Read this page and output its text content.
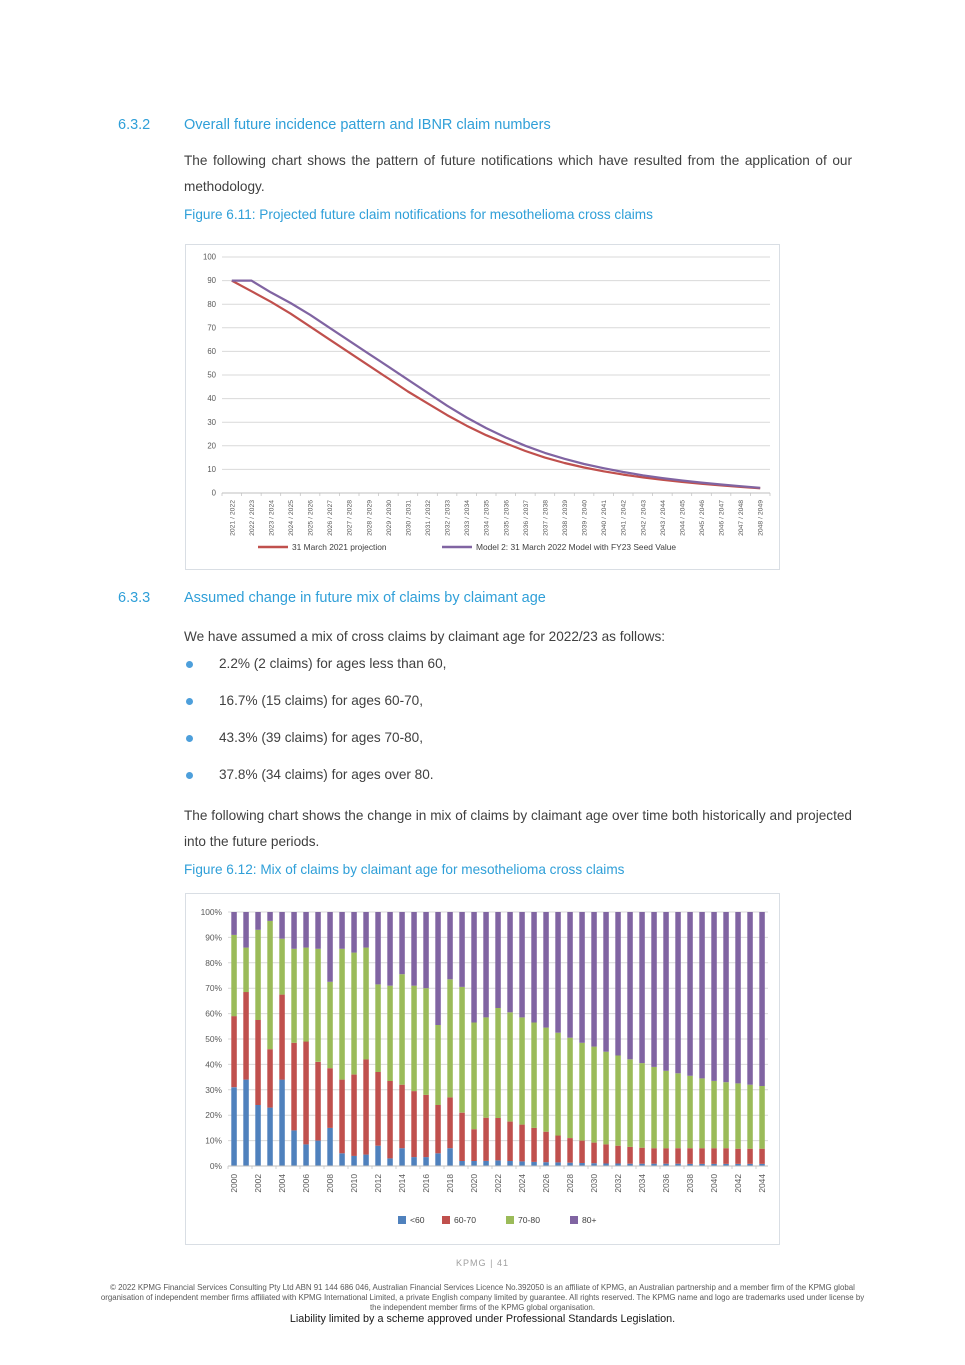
6.3.2	Overall future incidence pattern and IBNR claim numbers

The following chart shows the pattern of future notifications which have resulted from the application of our methodology.

Figure 6.11: Projected future claim notifications for mesothelioma cross claims
0
10
20
30
40
50
60
70
80
90
100
2021 / 2022 2022 / 2023 2023 / 2024 2024 / 2025 2025 / 2026 2026 / 2027 2027 / 2028 2028 / 2029 2029 / 2030 2030 / 2031 2031 / 2032 2032 / 2033 2033 / 2034 2034 / 2035 2035 / 2036 2036 / 2037 2037 / 2038 2038 / 2039 2039 / 2040 2040 / 2041 2041 / 2042 2042 / 2043 2043 / 2044 2044 / 2045 2045 / 2046 2046 / 2047 2047 / 2048 2048 / 2049
31 March 2021 projection	Model 2: 31 March 2022 Model with FY23 Seed Value
6.3.3	Assumed change in future mix of claims by claimant age

We have assumed a mix of cross claims by claimant age for 2022/23 as follows:

2.2% (2 claims) for ages less than 60,
16.7% (15 claims) for ages 60-70,
43.3% (39 claims) for ages 70-80,
37.8% (34 claims) for ages over 80.

The following chart shows the change in mix of claims by claimant age over time both historically and projected into the future periods.

Figure 6.12: Mix of claims by claimant age for mesothelioma cross claims
0%
10%
20%
30%
40%
50%
60%
70%
80%
90%
100%
2000 2002 2004 2006 2008 2010 2012 2014 2016 2018 2020 2022 2024 2026 2028 2030 2032 2034 2036 2038 2040 2042 2044
<60	60-70	70-80	80+
KPMG | 41
© 2022 KPMG Financial Services Consulting Pty Ltd ABN 91 144 686 046, Australian Financial Services Licence No.392050 is an affiliate of KPMG, an Australian partnership and a member firm of the KPMG global organisation of independent member firms affiliated with KPMG International Limited, a private English company limited by guarantee. All rights reserved. The KPMG name and logo are trademarks used under license by the independent member firms of the KPMG global organisation.
Liability limited by a scheme approved under Professional Standards Legislation.
